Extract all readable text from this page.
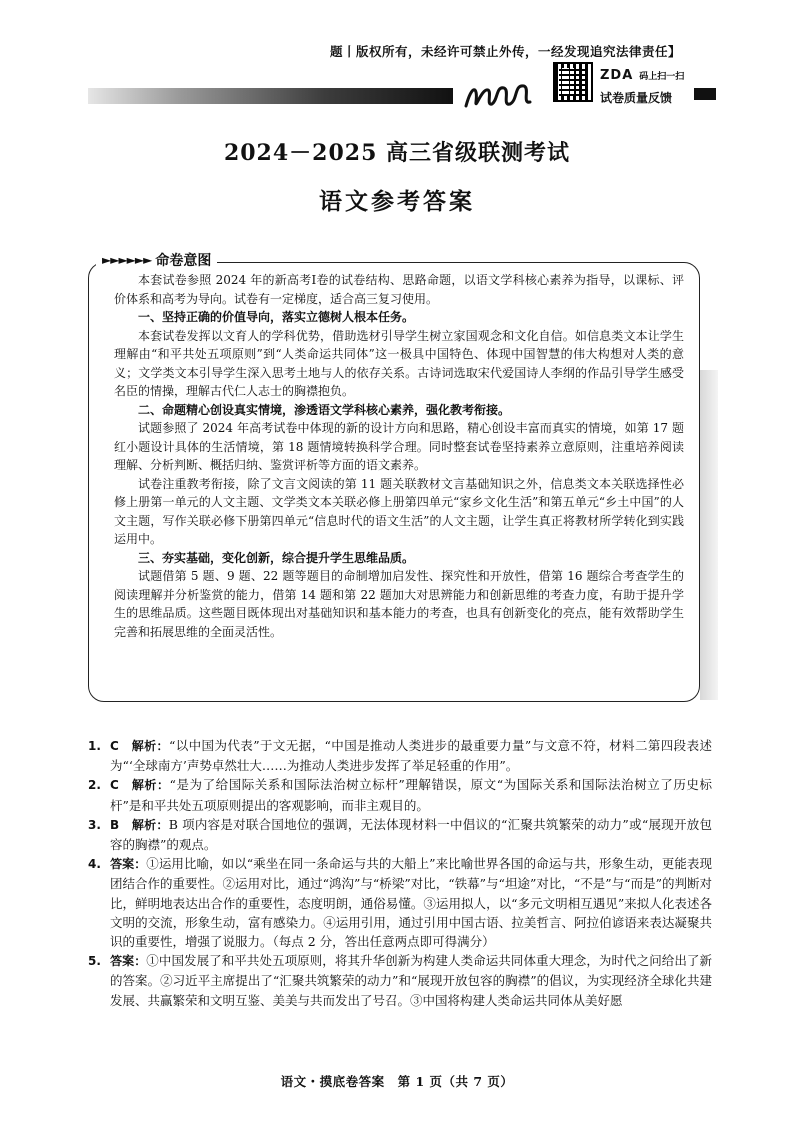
题丨版权所有，未经许可禁止外传，一经发现追究法律责任】
ZDA 码上扫一扫
试卷质量反馈
2024－2025 高三省级联测考试
语文参考答案
►►►►►► 命卷意图

本套试卷参照 2024 年的新高考Ⅰ卷的试卷结构、思路命题，以语文学科核心素养为指导，以课标、评价体系和高考为导向。试卷有一定梯度，适合高三复习使用。

一、坚持正确的价值导向，落实立德树人根本任务。

本套试卷发挥以文育人的学科优势，借助选材引导学生树立家国观念和文化自信。如信息类文本让学生理解由“和平共处五项原则”到“人类命运共同体”这一极具中国特色、体现中国智慧的伟大构想对人类的意义；文学类文本引导学生深入思考土地与人的依存关系。古诗词选取宋代爱国诗人李纲的作品引导学生感受名臣的情操，理解古代仁人志士的胸襟抱负。

二、命题精心创设真实情境，渗透语文学科核心素养，强化教考衔接。

试题参照了 2024 年高考试卷中体现的新的设计方向和思路，精心创设丰富而真实的情境，如第 17 题红小题设计具体的生活情境，第 18 题情境转换科学合理。同时整套试卷坚持素养立意原则，注重培养阅读理解、分析判断、概括归纳、鉴赏评析等方面的语文素养。

试卷注重教考衔接，除了文言文阅读的第 11 题关联教材文言基础知识之外，信息类文本关联选择性必修上册第一单元的人文主题、文学类文本关联必修上册第四单元“家乡文化生活”和第五单元“乡土中国”的人文主题，写作关联必修下册第四单元“信息时代的语文生活”的人文主题，让学生真正将教材所学转化到实践运用中。

三、夯实基础，变化创新，综合提升学生思维品质。

试题借第 5 题、9 题、22 题等题目的命制增加启发性、探究性和开放性，借第 16 题综合考查学生的阅读理解并分析鉴赏的能力，借第 14 题和第 22 题加大对思辨能力和创新思维的考查力度，有助于提升学生的思维品质。这些题目既体现出对基础知识和基本能力的考查，也具有创新变化的亮点，能有效帮助学生完善和拓展思维的全面灵活性。

1. C  解析：“以中国为代表”于文无据，“中国是推动人类进步的最重要力量”与文意不符，材料二第四段表述为“‘全球南方’声势卓然壮大……为推动人类进步发挥了举足轻重的作用”。

2. C  解析：“是为了给国际关系和国际法治树立标杆”理解错误，原文“为国际关系和国际法治树立了历史标杆”是和平共处五项原则提出的客观影响，而非主观目的。

3. B  解析：B 项内容是对联合国地位的强调，无法体现材料一中倡议的“汇聚共筑繁荣的动力”或“展现开放包容的胸襟”的观点。

4. 答案：①运用比喻，如以“乘坐在同一条命运与共的大船上”来比喻世界各国的命运与共，形象生动，更能表现团结合作的重要性。②运用对比，通过“鸿沟”与“桥梁”对比，“铁幕”与“坦途”对比，“不是”与“而是”的判断对比，鲜明地表达出合作的重要性，态度明朗，通俗易懂。③运用拟人，以“多元文明相互遇见”来拟人化表述各文明的交流，形象生动，富有感染力。④运用引用，通过引用中国古语、拉美哲言、阿拉伯谚语来表达凝聚共识的重要性，增强了说服力。（每点 2 分，答出任意两点即可得满分）

5. 答案：①中国发展了和平共处五项原则，将其升华创新为构建人类命运共同体重大理念，为时代之问给出了新的答案。②习近平主席提出了“汇聚共筑繁荣的动力”和“展现开放包容的胸襟”的倡议，为实现经济全球化共建发展、共赢繁荣和文明互鉴、美美与共而发出了号召。③中国将构建人类命运共同体从美好愿

语文・摸底卷答案　第 1 页（共 7 页）
